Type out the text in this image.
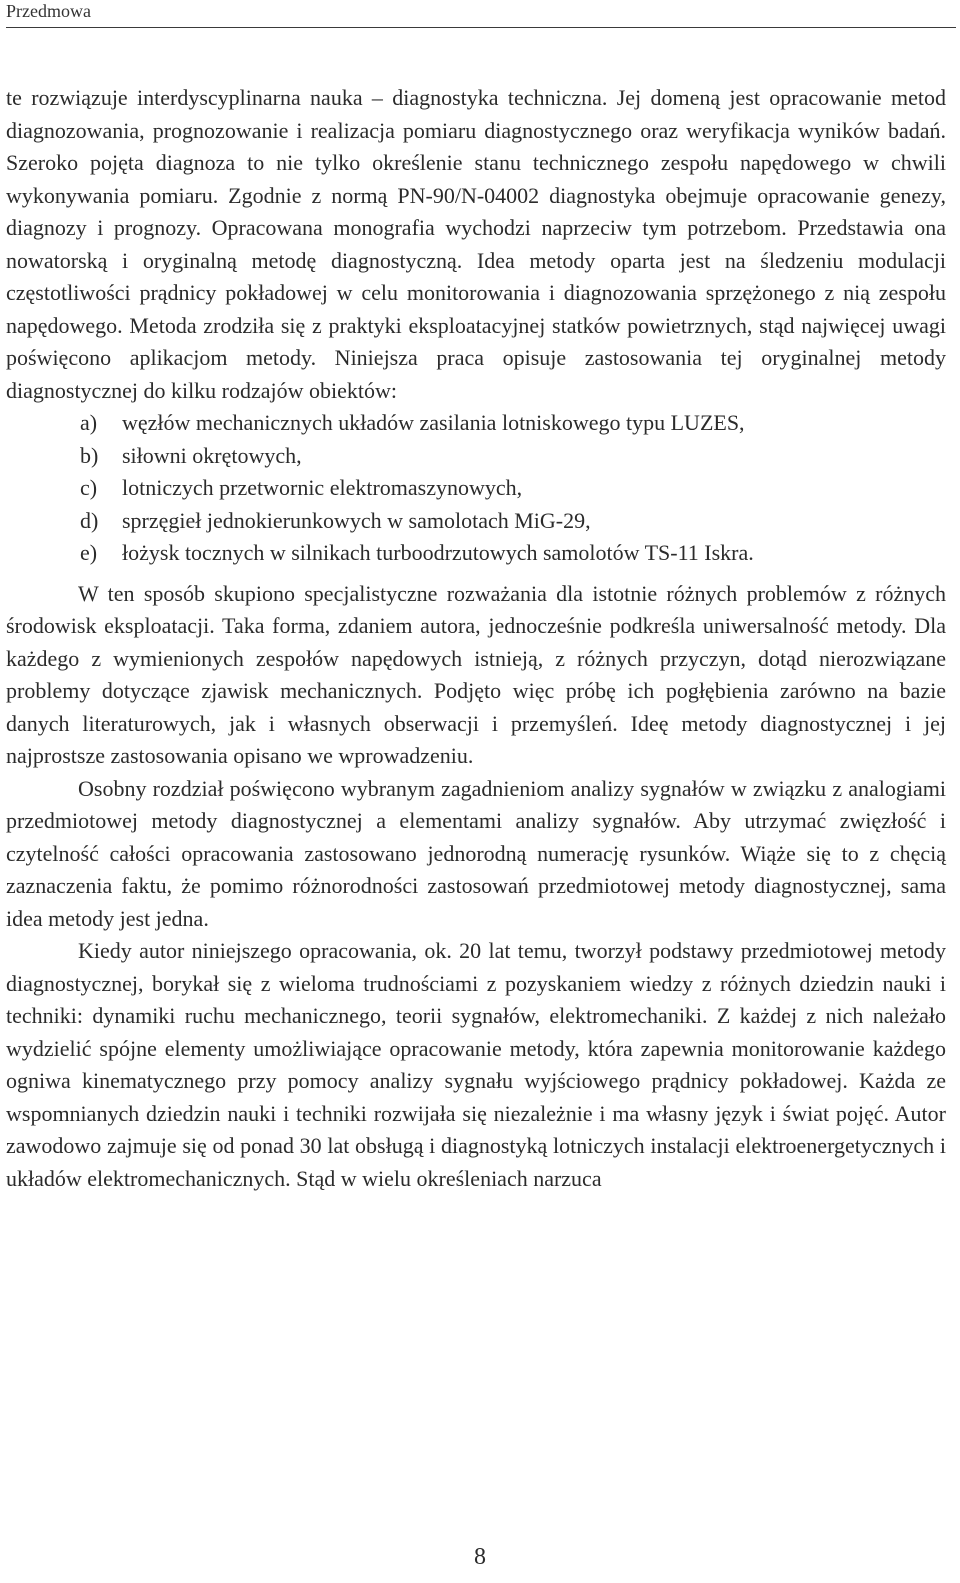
Przedmowa

te rozwiązuje interdyscyplinarna nauka – diagnostyka techniczna. Jej domeną jest opracowanie metod diagnozowania, prognozowanie i realizacja pomiaru diagnostycznego oraz weryfikacja wyników badań. Szeroko pojęta diagnoza to nie tylko określenie stanu technicznego zespołu napędowego w chwili wykonywania pomiaru. Zgodnie z normą PN-90/N-04002 diagnostyka obejmuje opracowanie genezy, diagnozy i prognozy. Opracowana monografia wychodzi naprzeciw tym potrzebom. Przedstawia ona nowatorską i oryginalną metodę diagnostyczną. Idea metody oparta jest na śledzeniu modulacji częstotliwości prądnicy pokładowej w celu monitorowania i diagnozowania sprzężonego z nią zespołu napędowego. Metoda zrodziła się z praktyki eksploatacyjnej statków powietrznych, stąd najwięcej uwagi poświęcono aplikacjom metody. Niniejsza praca opisuje zastosowania tej oryginalnej metody diagnostycznej do kilku rodzajów obiektów:

a)	węzłów mechanicznych układów zasilania lotniskowego typu LUZES,
b)	siłowni okrętowych,
c)	lotniczych przetwornic elektromaszynowych,
d)	sprzęgieł jednokierunkowych w samolotach MiG-29,
e)	łożysk tocznych w silnikach turboodrzutowych samolotów TS-11 Iskra.

W ten sposób skupiono specjalistyczne rozważania dla istotnie różnych problemów z różnych środowisk eksploatacji. Taka forma, zdaniem autora, jednocześnie podkreśla uniwersalność metody. Dla każdego z wymienionych zespołów napędowych istnieją, z różnych przyczyn, dotąd nierozwiązane problemy dotyczące zjawisk mechanicznych. Podjęto więc próbę ich pogłębienia zarówno na bazie danych literaturowych, jak i własnych obserwacji i przemyśleń. Ideę metody diagnostycznej i jej najprostsze zastosowania opisano we wprowadzeniu.

Osobny rozdział poświęcono wybranym zagadnieniom analizy sygnałów w związku z analogiami przedmiotowej metody diagnostycznej a elementami analizy sygnałów. Aby utrzymać zwięzłość i czytelność całości opracowania zastosowano jednorodną numerację rysunków. Wiąże się to z chęcią zaznaczenia faktu, że pomimo różnorodności zastosowań przedmiotowej metody diagnostycznej, sama idea metody jest jedna.

Kiedy autor niniejszego opracowania, ok. 20 lat temu, tworzył podstawy przedmiotowej metody diagnostycznej, borykał się z wieloma trudnościami z pozyskaniem wiedzy z różnych dziedzin nauki i techniki: dynamiki ruchu mechanicznego, teorii sygnałów, elektromechaniki. Z każdej z nich należało wydzielić spójne elementy umożliwiające opracowanie metody, która zapewnia monitorowanie każdego ogniwa kinematycznego przy pomocy analizy sygnału wyjściowego prądnicy pokładowej. Każda ze wspomnianych dziedzin nauki i techniki rozwijała się niezależnie i ma własny język i świat pojęć. Autor zawodowo zajmuje się od ponad 30 lat obsługą i diagnostyką lotniczych instalacji elektroenergetycznych i układów elektromechanicznych. Stąd w wielu określeniach narzuca

8
